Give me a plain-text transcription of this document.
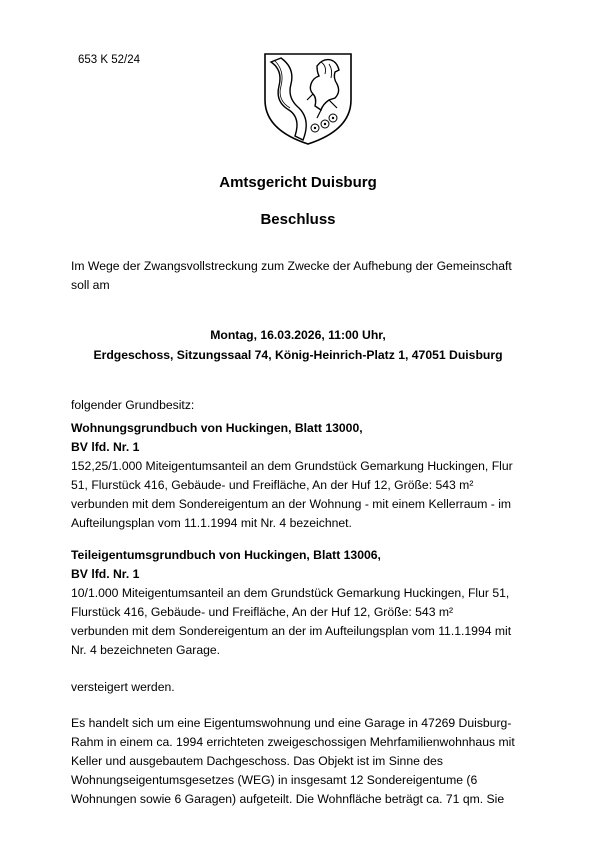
653 K 52/24
Amtsgericht Duisburg
Beschluss
Im Wege der Zwangsvollstreckung zum Zwecke der Aufhebung der Gemeinschaft
soll am
Montag, 16.03.2026, 11:00 Uhr,
Erdgeschoss, Sitzungssaal 74, König-Heinrich-Platz 1, 47051 Duisburg
folgender Grundbesitz:
Wohnungsgrundbuch von Huckingen, Blatt 13000,
BV lfd. Nr. 1
152,25/1.000 Miteigentumsanteil an dem Grundstück Gemarkung Huckingen, Flur
51, Flurstück 416, Gebäude- und Freifläche, An der Huf 12, Größe: 543 m²
verbunden mit dem Sondereigentum an der Wohnung - mit einem Kellerraum - im
Aufteilungsplan vom 11.1.1994 mit Nr. 4 bezeichnet.
Teileigentumsgrundbuch von Huckingen, Blatt 13006,
BV lfd. Nr. 1
10/1.000 Miteigentumsanteil an dem Grundstück Gemarkung Huckingen, Flur 51,
Flurstück 416, Gebäude- und Freifläche, An der Huf 12, Größe: 543 m²
verbunden mit dem Sondereigentum an der im Aufteilungsplan vom 11.1.1994 mit
Nr. 4 bezeichneten Garage.
versteigert werden.
Es handelt sich um eine Eigentumswohnung und eine Garage in 47269 Duisburg-
Rahm in einem ca. 1994 errichteten zweigeschossigen Mehrfamilienwohnhaus mit
Keller und ausgebautem Dachgeschoss. Das Objekt ist im Sinne des
Wohnungseigentumsgesetzes (WEG) in insgesamt 12 Sondereigentume (6
Wohnungen sowie 6 Garagen) aufgeteilt. Die Wohnfläche beträgt ca. 71 qm. Sie
